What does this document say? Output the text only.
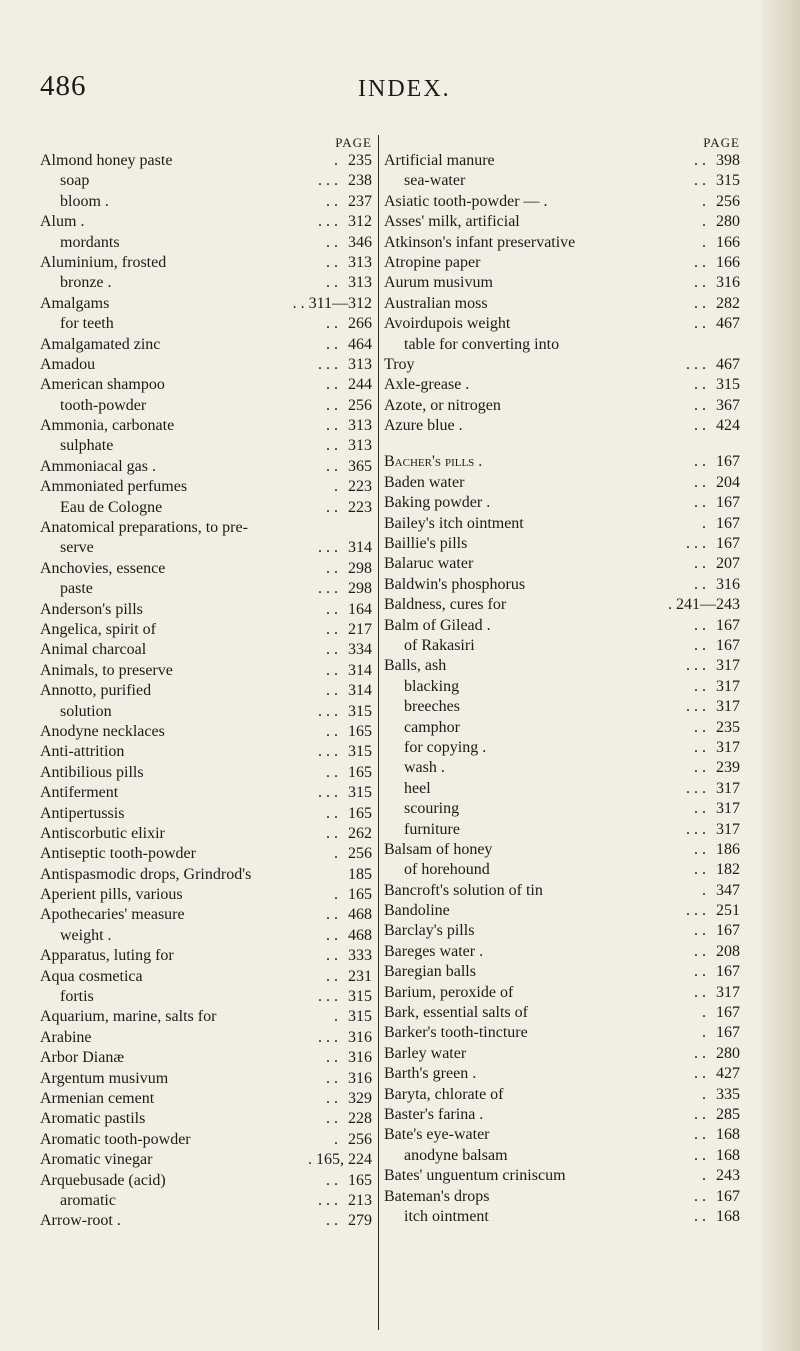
486	INDEX.
PAGE
Almond honey paste	. 235
soap	. . . 238
bloom .	. . 237
Alum .	. . . 312
mordants	. . 346
Aluminium, frosted	. . 313
bronze .	. . 313
Amalgams	. . 311—312
for teeth	. . 266
Amalgamated zinc	. . 464
Amadou	. . . 313
American shampoo	. . 244
tooth-powder	. . 256
Ammonia, carbonate	. . 313
sulphate	. . 313
Ammoniacal gas .	. . 365
Ammoniated perfumes	. 223
Eau de Cologne	. . 223
Anatomical preparations, to pre-
serve	. . . 314
Anchovies, essence	. . 298
paste	. . . 298
Anderson's pills	. . 164
Angelica, spirit of	. . 217
Animal charcoal	. . 334
Animals, to preserve	. . 314
Annotto, purified	. . 314
solution	. . . 315
Anodyne necklaces	. . 165
Anti-attrition	. . . 315
Antibilious pills	. . 165
Antiferment	. . . 315
Antipertussis	. . 165
Antiscorbutic elixir	. . 262
Antiseptic tooth-powder	. 256
Antispasmodic drops, Grindrod's	185
Aperient pills, various	. 165
Apothecaries' measure	. . 468
weight .	. . 468
Apparatus, luting for	. . 333
Aqua cosmetica	. . 231
fortis	. . . 315
Aquarium, marine, salts for	. 315
Arabine	. . . 316
Arbor Dianæ	. . 316
Argentum musivum	. . 316
Armenian cement	. . 329
Aromatic pastils	. . 228
Aromatic tooth-powder	. 256
Aromatic vinegar	. 165, 224
Arquebusade (acid)	. . 165
aromatic	. . . 213
Arrow-root .	. . 279
PAGE
Artificial manure	. . 398
sea-water	. . 315
Asiatic tooth-powder — .	. 256
Asses' milk, artificial	. 280
Atkinson's infant preservative	. 166
Atropine paper	. . 166
Aurum musivum	. . 316
Australian moss	. . 282
Avoirdupois weight	. . 467
table for converting into
Troy	. . . 467
Axle-grease .	. . 315
Azote, or nitrogen	. . 367
Azure blue .	. . 424
Bacher's pills .	. . 167
Baden water	. . 204
Baking powder .	. . 167
Bailey's itch ointment	. 167
Baillie's pills	. . . 167
Balaruc water	. . 207
Baldwin's phosphorus	. . 316
Baldness, cures for	. 241—243
Balm of Gilead .	. . 167
of Rakasiri	. . 167
Balls, ash	. . . 317
blacking	. . 317
breeches	. . . 317
camphor	. . 235
for copying .	. . 317
wash .	. . 239
heel	. . . 317
scouring	. . 317
furniture	. . . 317
Balsam of honey	. . 186
of horehound	. . 182
Bancroft's solution of tin	. 347
Bandoline	. . . 251
Barclay's pills	. . 167
Bareges water .	. . 208
Baregian balls	. . 167
Barium, peroxide of	. . 317
Bark, essential salts of	. 167
Barker's tooth-tincture	. 167
Barley water	. . 280
Barth's green .	. . 427
Baryta, chlorate of	. 335
Baster's farina .	. . 285
Bate's eye-water	. . 168
anodyne balsam	. . 168
Bates' unguentum criniscum	. 243
Bateman's drops	. . 167
itch ointment	. . 168
